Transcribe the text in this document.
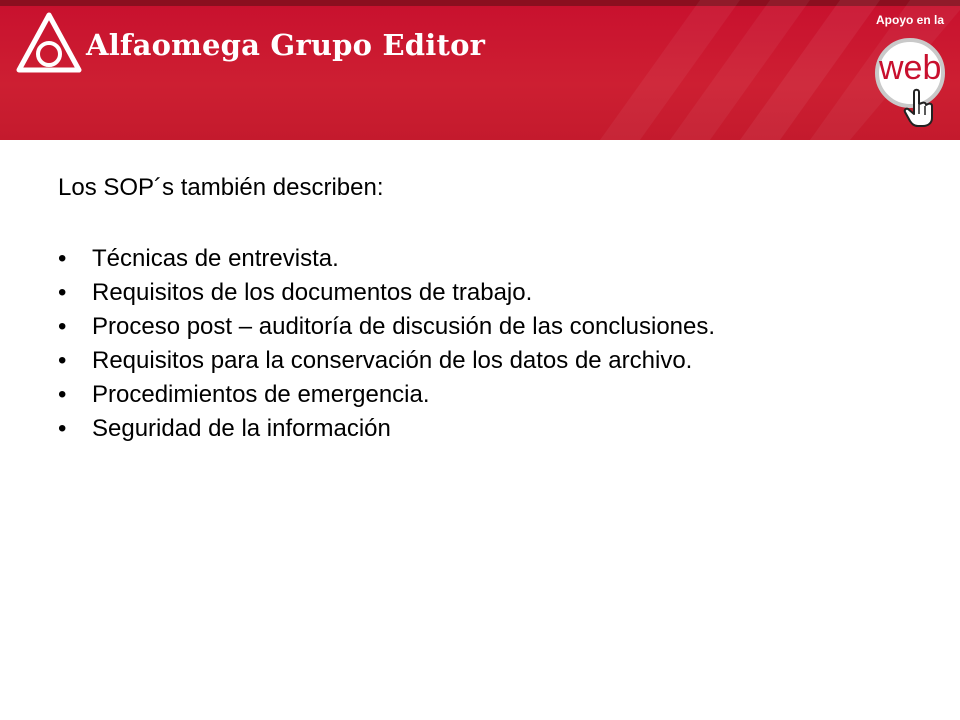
Alfaomega Grupo Editor
Apoyo en la
web

Los SOP´s también describen:

•	Técnicas de entrevista.
•	Requisitos de los documentos de trabajo.
•	Proceso post – auditoría de discusión de las conclusiones.
•	Requisitos para la conservación de los datos de archivo.
•	Procedimientos de emergencia.
•	Seguridad de la información
